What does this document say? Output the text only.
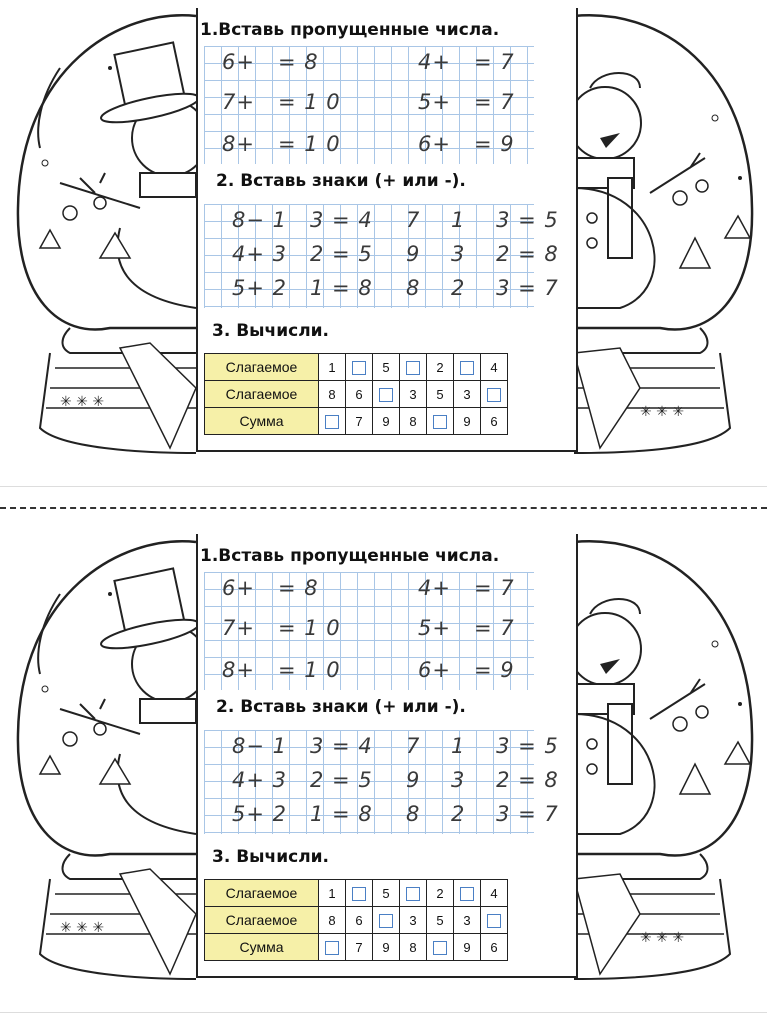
✳ ✳ ✳
✳ ✳ ✳
1.Вставь пропущенные числа.
6+   = 8	4+   = 7
7+   = 1 0	5+   = 7
8+   = 1 0	6+   = 9
2. Вставь знаки (+ или -).
8− 1   3 = 4 7    1    3 = 5
4+ 3   2 = 5 9    3    2 = 8
5+ 2   1 = 8 8    2    3 = 7
3. Вычисли.
Слагаемое	1		5		2		4
Слагаемое	8	6		3	5	3	
Сумма		7	9	8		9	6
✳ ✳ ✳
✳ ✳ ✳
1.Вставь пропущенные числа.
6+   = 8	4+   = 7
7+   = 1 0	5+   = 7
8+   = 1 0	6+   = 9
2. Вставь знаки (+ или -).
8− 1   3 = 4 7    1    3 = 5
4+ 3   2 = 5 9    3    2 = 8
5+ 2   1 = 8 8    2    3 = 7
3. Вычисли.
Слагаемое	1		5		2		4
Слагаемое	8	6		3	5	3	
Сумма		7	9	8		9	6
